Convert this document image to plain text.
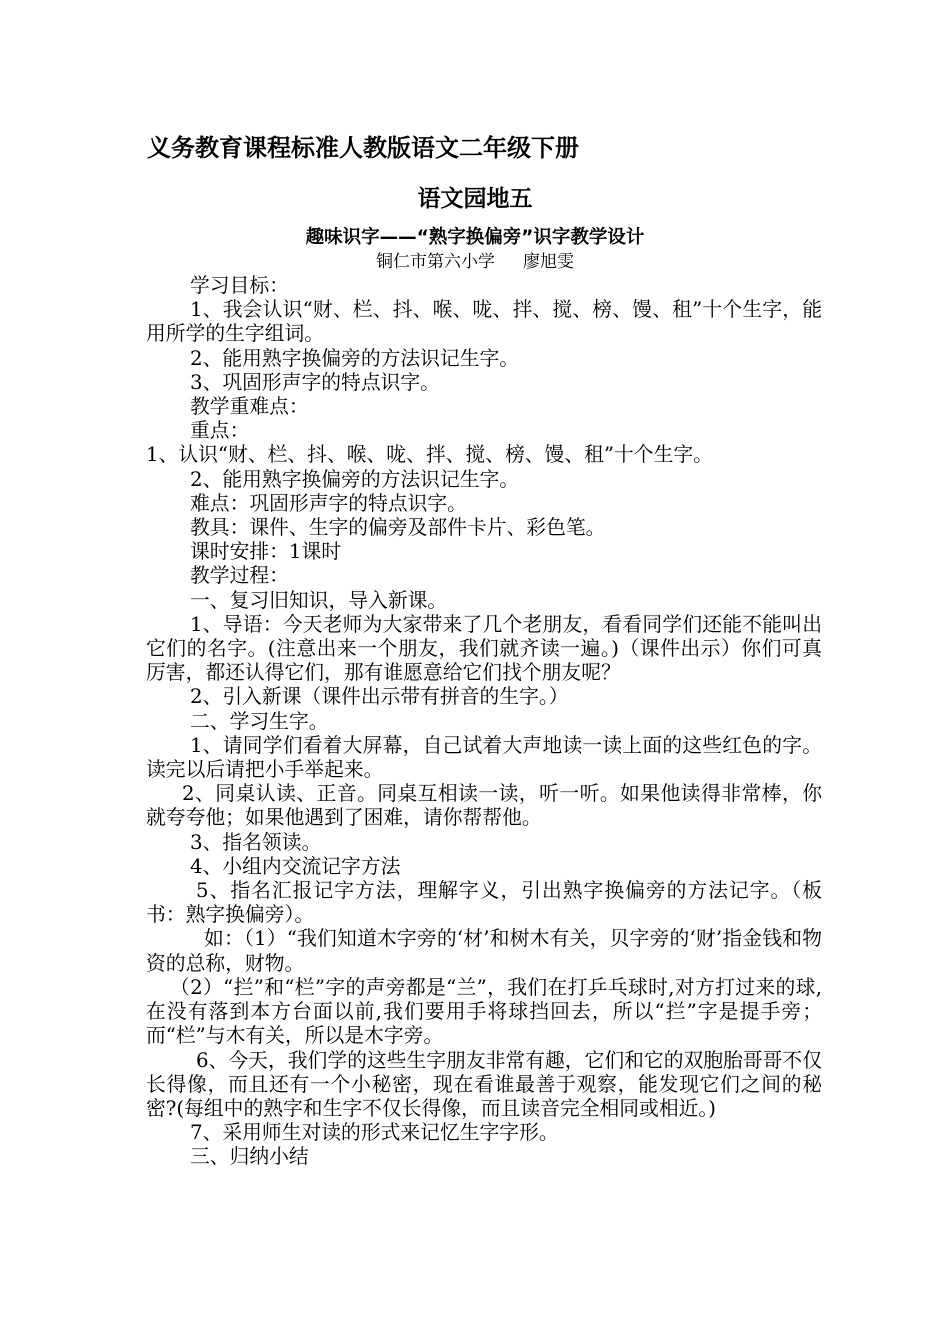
义务教育课程标准人教版语文二年级下册
语文园地五
趣味识字——“熟字换偏旁”识字教学设计
铜仁市第六小学 廖旭雯

学习目标：

1、我会认识“财、栏、抖、喉、咙、拌、搅、榜、馒、租”十个生字，能用所学的生字组词。

2、能用熟字换偏旁的方法识记生字。

3、巩固形声字的特点识字。

教学重难点：

重点：

1、认识“财、栏、抖、喉、咙、拌、搅、榜、馒、租”十个生字。

2、能用熟字换偏旁的方法识记生字。

难点：巩固形声字的特点识字。

教具：课件、生字的偏旁及部件卡片、彩色笔。

课时安排：1课时

教学过程：

一、复习旧知识，导入新课。

1、导语：今天老师为大家带来了几个老朋友，看看同学们还能不能叫出它们的名字。(注意出来一个朋友，我们就齐读一遍。)（课件出示）你们可真厉害，都还认得它们，那有谁愿意给它们找个朋友呢？

2、引入新课（课件出示带有拼音的生字。）

二、学习生字。

1、请同学们看着大屏幕，自己试着大声地读一读上面的这些红色的字。读完以后请把小手举起来。

2、同桌认读、正音。同桌互相读一读，听一听。如果他读得非常棒，你就夸夸他；如果他遇到了困难，请你帮帮他。

3、指名领读。

4、小组内交流记字方法

5、指名汇报记字方法，理解字义，引出熟字换偏旁的方法记字。（板书：熟字换偏旁）。

如：（1）“我们知道木字旁的‘材’和树木有关，贝字旁的‘财’指金钱和物资的总称，财物。

（2）“拦”和“栏”字的声旁都是“兰”，我们在打乒乓球时,对方打过来的球,在没有落到本方台面以前,我们要用手将球挡回去，所以“拦”字是提手旁；而“栏”与木有关，所以是木字旁。

6、今天，我们学的这些生字朋友非常有趣，它们和它的双胞胎哥哥不仅长得像，而且还有一个小秘密，现在看谁最善于观察，能发现它们之间的秘密?(每组中的熟字和生字不仅长得像，而且读音完全相同或相近。)

7、采用师生对读的形式来记忆生字字形。

三、归纳小结
